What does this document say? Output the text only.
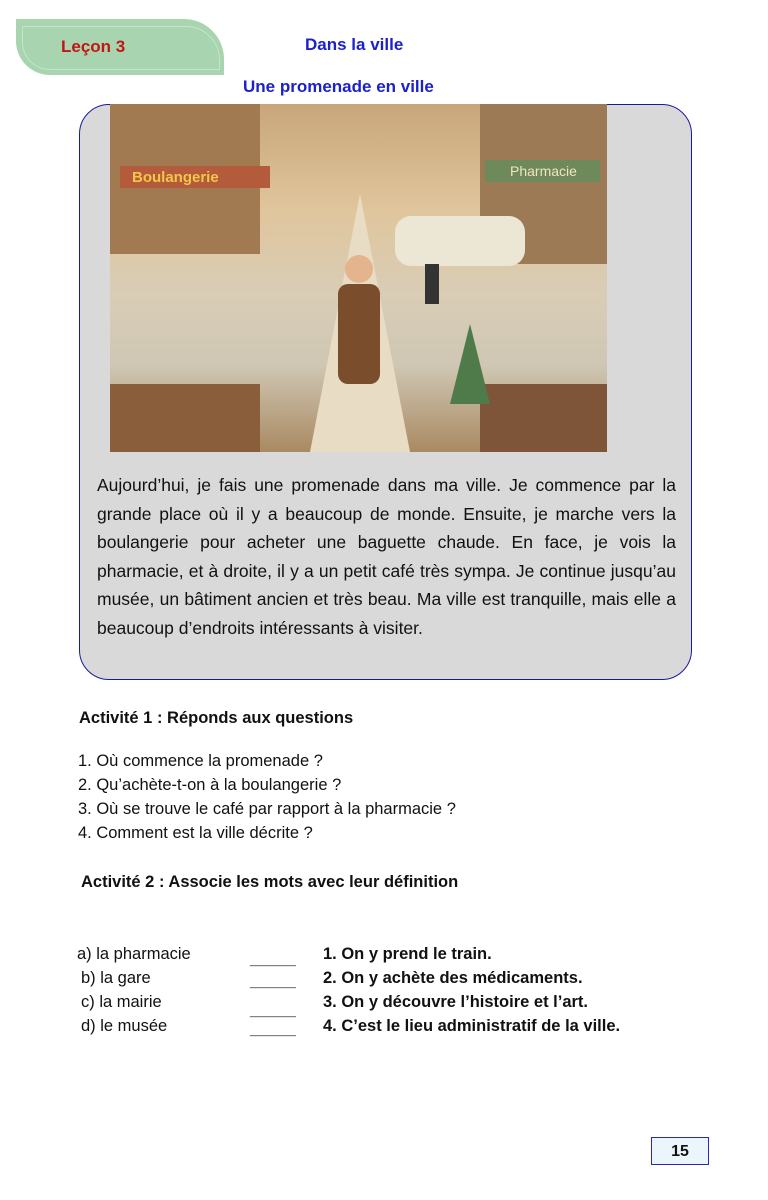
Leçon 3	Dans la ville
Une promenade en ville
Boulangerie	Pharmacie
Aujourd’hui, je fais une promenade dans ma ville. Je commence par la grande place où il y a beaucoup de monde. Ensuite, je marche vers la boulangerie pour acheter une baguette chaude. En face, je vois la pharmacie, et à droite, il y a un petit café très sympa. Je continue jusqu’au musée, un bâtiment ancien et très beau. Ma ville est tranquille, mais elle a beaucoup d’endroits intéressants à visiter.
Activité 1 : Réponds aux questions
1. Où commence la promenade ?
2. Qu’achète-t-on à la boulangerie ?
3. Où se trouve le café par rapport à la pharmacie ?
4. Comment est la ville décrite ?
Activité 2 : Associe les mots avec leur définition
a) la pharmacie
b) la gare
c) la mairie
d) le musée
_____
_____
_____
_____
1. On y prend le train.
2. On y achète des médicaments.
3. On y découvre l’histoire et l’art.
4. C’est le lieu administratif de la ville.
15
